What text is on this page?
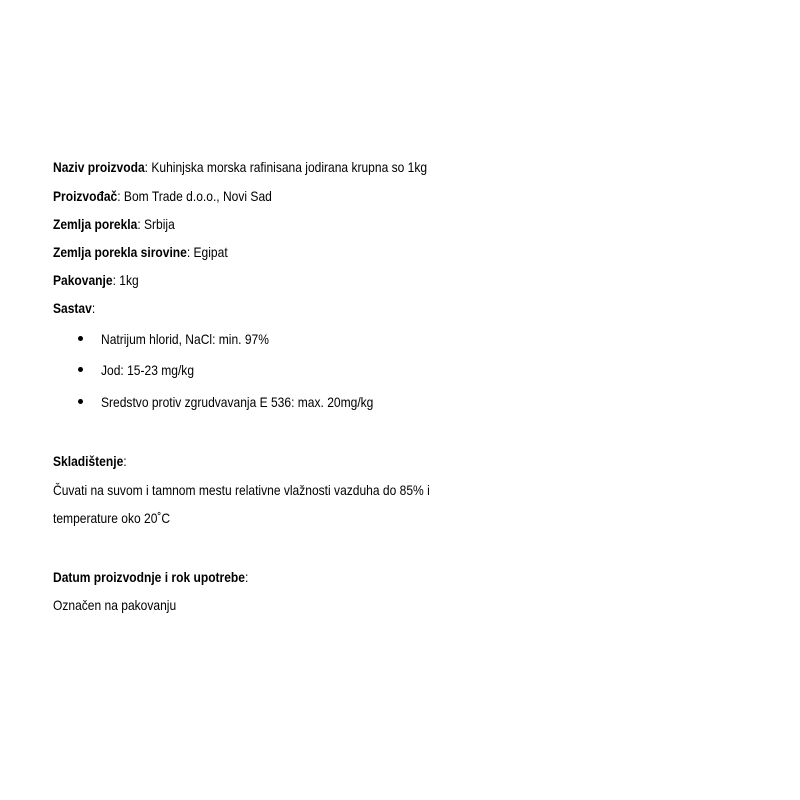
Naziv proizvoda: Kuhinjska morska rafinisana jodirana krupna so 1kg
Proizvođač: Bom Trade d.o.o., Novi Sad
Zemlja porekla: Srbija
Zemlja porekla sirovine: Egipat
Pakovanje: 1kg
Sastav:
Natrijum hlorid, NaCl: min. 97%
Jod: 15-23 mg/kg
Sredstvo protiv zgrudvavanja E 536: max. 20mg/kg
Skladištenje:
Čuvati na suvom i tamnom mestu relativne vlažnosti vazduha do 85% i
temperature oko 20˚C
Datum proizvodnje i rok upotrebe:
Označen na pakovanju
